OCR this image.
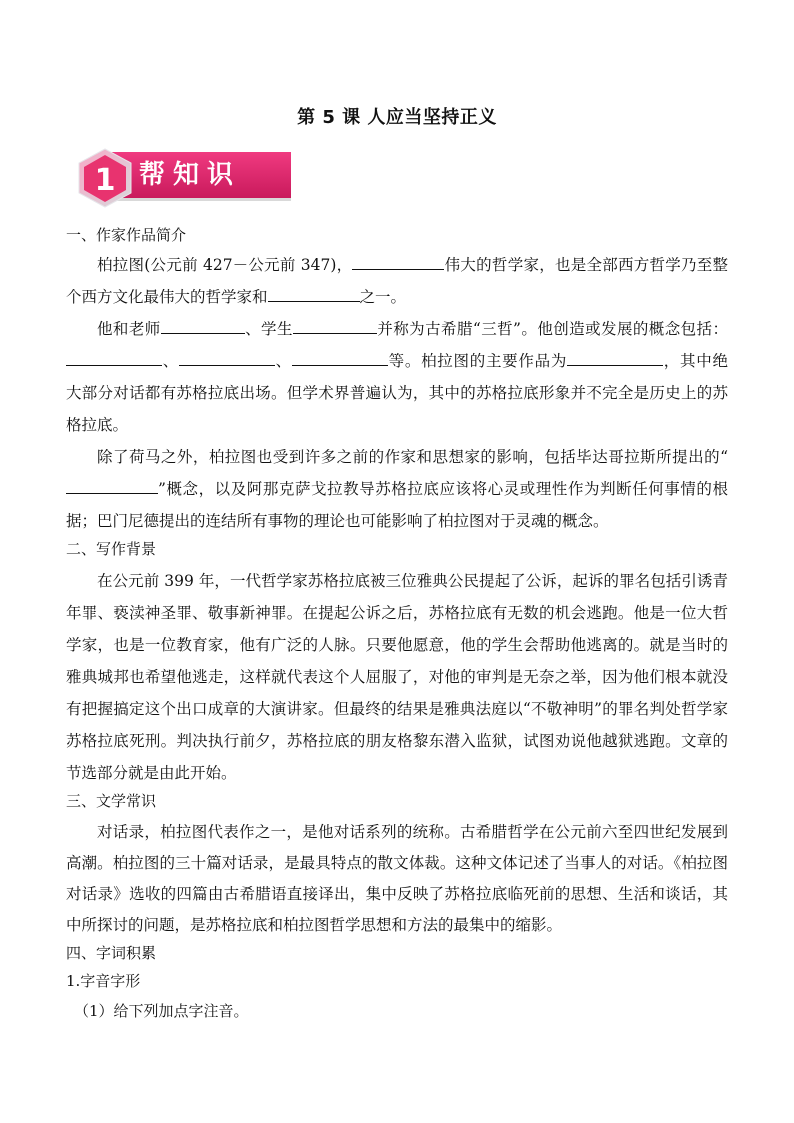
第 5 课 人应当坚持正义
1 帮知识
一、作家作品简介

柏拉图(公元前 427－公元前 347)，	伟大的哲学家，也是全部西方哲学乃至整个西方文化最伟大的哲学家和	之一。

他和老师	、学生	并称为古希腊“三哲”。他创造或发展的概念包括：、	、	等。柏拉图的主要作品为	，其中绝大部分对话都有苏格拉底出场。但学术界普遍认为，其中的苏格拉底形象并不完全是历史上的苏格拉底。

除了荷马之外，柏拉图也受到许多之前的作家和思想家的影响，包括毕达哥拉斯所提出的“”概念，以及阿那克萨戈拉教导苏格拉底应该将心灵或理性作为判断任何事情的根据；巴门尼德提出的连结所有事物的理论也可能影响了柏拉图对于灵魂的概念。

二、写作背景

在公元前 399 年，一代哲学家苏格拉底被三位雅典公民提起了公诉，起诉的罪名包括引诱青年罪、亵渎神圣罪、敬事新神罪。在提起公诉之后，苏格拉底有无数的机会逃跑。他是一位大哲学家，也是一位教育家，他有广泛的人脉。只要他愿意，他的学生会帮助他逃离的。就是当时的雅典城邦也希望他逃走，这样就代表这个人屈服了，对他的审判是无奈之举，因为他们根本就没有把握搞定这个出口成章的大演讲家。但最终的结果是雅典法庭以“不敬神明”的罪名判处哲学家苏格拉底死刑。判决执行前夕，苏格拉底的朋友格黎东潜入监狱，试图劝说他越狱逃跑。文章的节选部分就是由此开始。

三、文学常识

对话录，柏拉图代表作之一，是他对话系列的统称。古希腊哲学在公元前六至四世纪发展到高潮。柏拉图的三十篇对话录，是最具特点的散文体裁。这种文体记述了当事人的对话。《柏拉图对话录》选收的四篇由古希腊语直接译出，集中反映了苏格拉底临死前的思想、生活和谈话，其中所探讨的问题，是苏格拉底和柏拉图哲学思想和方法的最集中的缩影。

四、字词积累
1.字音字形
（1）给下列加点字注音。
